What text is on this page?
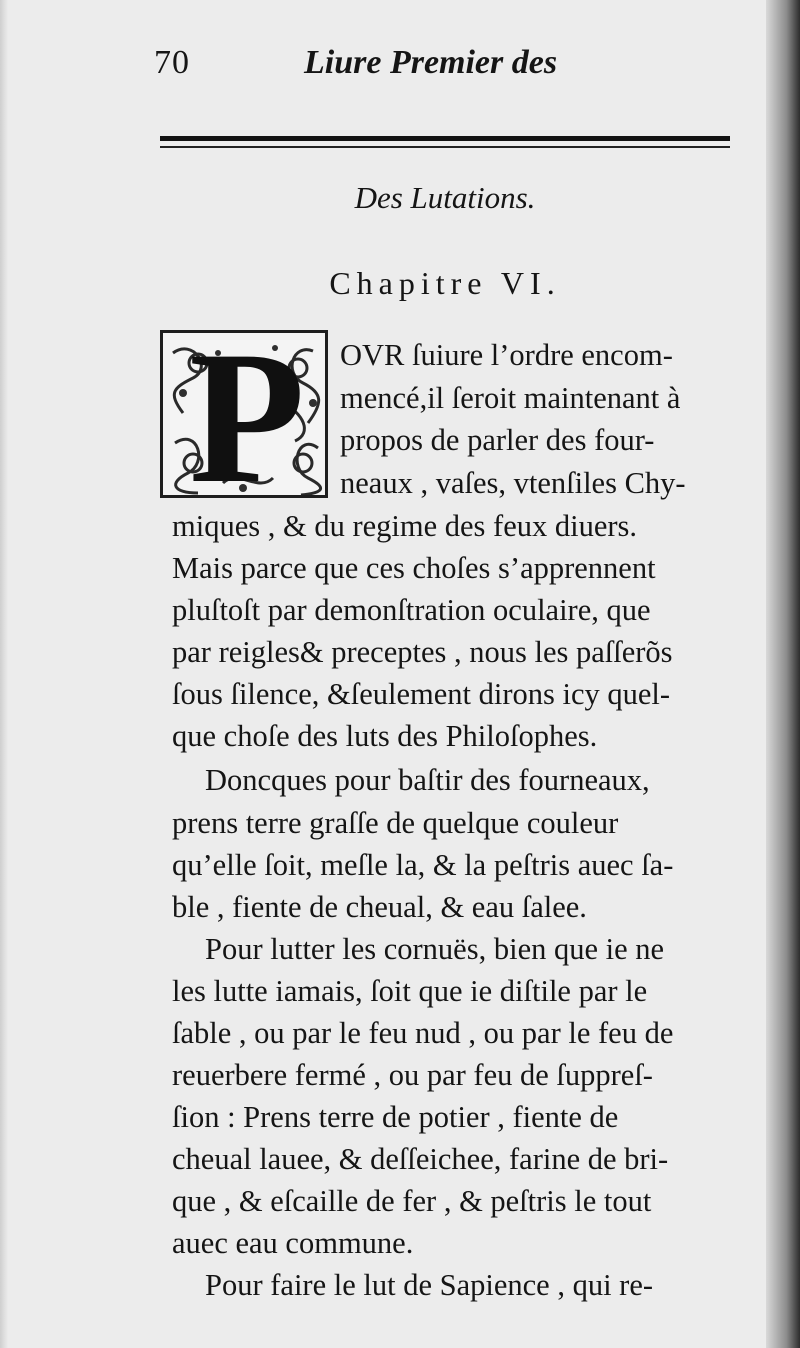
70	Liure Premier des
Des Lutations.
Chapitre VI.
P OVR ſuiure l’ordre encom-
mencé,il ſeroit maintenant à
propos de parler des four-
neaux , vaſes, vtenſiles Chy-
miques , & du regime des feux diuers.
Mais parce que ces choſes s’apprennent
pluſtoſt par demonſtration oculaire, que
par reigles& preceptes , nous les paſſerõs
ſous ſilence, &ſeulement dirons icy quel-
que choſe des luts des Philoſophes.
Doncques pour baſtir des fourneaux,
prens terre graſſe de quelque couleur
qu’elle ſoit, meſle la, & la peſtris auec ſa-
ble , fiente de cheual, & eau ſalee.
Pour lutter les cornuës, bien que ie ne
les lutte iamais, ſoit que ie diſtile par le
ſable , ou par le feu nud , ou par le feu de
reuerbere fermé , ou par feu de ſuppreſ-
ſion : Prens terre de potier , fiente de
cheual lauee, & deſſeichee, farine de bri-
que , & eſcaille de fer , & peſtris le tout
auec eau commune.
Pour faire le lut de Sapience , qui re-
